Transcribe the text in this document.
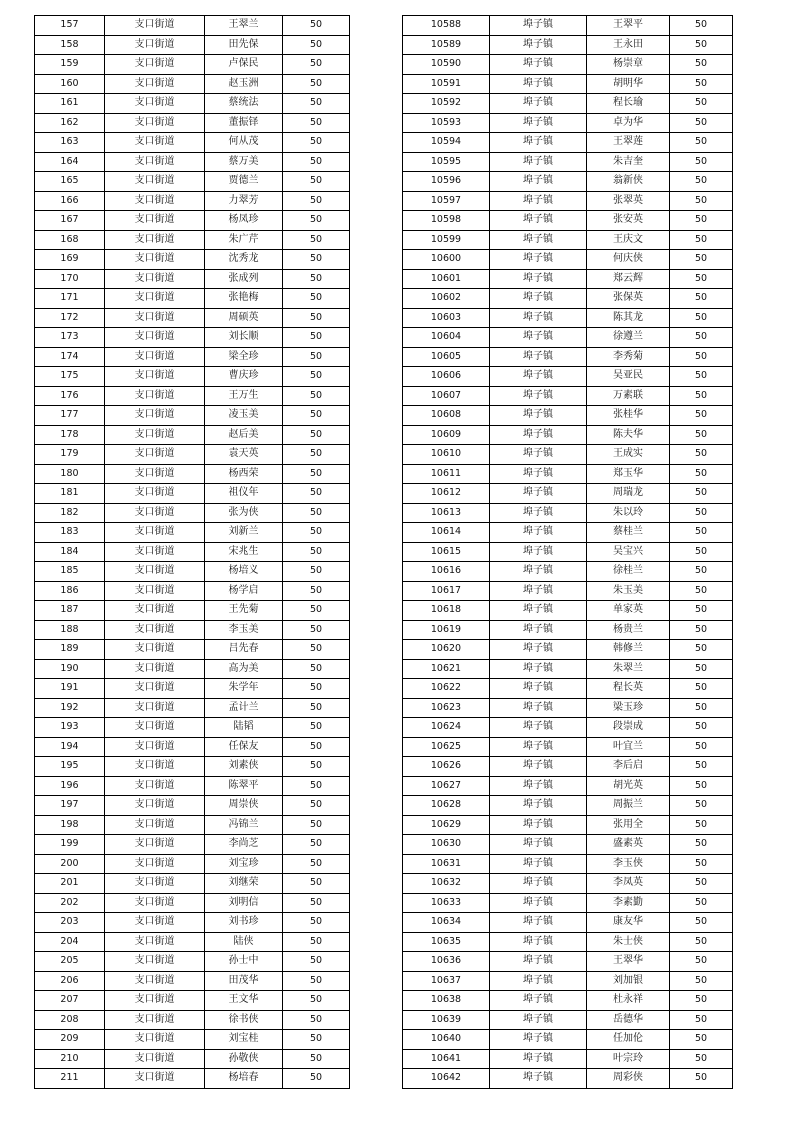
157	支口街道	王翠兰	50
158	支口街道	田先保	50
159	支口街道	卢保民	50
160	支口街道	赵玉洲	50
161	支口街道	蔡统法	50
162	支口街道	董振铎	50
163	支口街道	何从茂	50
164	支口街道	蔡万美	50
165	支口街道	贾德兰	50
166	支口街道	力翠芳	50
167	支口街道	杨凤珍	50
168	支口街道	朱广芹	50
169	支口街道	沈秀龙	50
170	支口街道	张成列	50
171	支口街道	张艳梅	50
172	支口街道	周硕英	50
173	支口街道	刘长顺	50
174	支口街道	梁全珍	50
175	支口街道	曹庆珍	50
176	支口街道	王万生	50
177	支口街道	凌玉美	50
178	支口街道	赵后美	50
179	支口街道	袁天英	50
180	支口街道	杨西荣	50
181	支口街道	祖仪年	50
182	支口街道	张为侠	50
183	支口街道	刘新兰	50
184	支口街道	宋兆生	50
185	支口街道	杨培义	50
186	支口街道	杨学启	50
187	支口街道	王先菊	50
188	支口街道	李玉美	50
189	支口街道	吕先春	50
190	支口街道	高为美	50
191	支口街道	朱学年	50
192	支口街道	孟计兰	50
193	支口街道	陆韬	50
194	支口街道	任保友	50
195	支口街道	刘素侠	50
196	支口街道	陈翠平	50
197	支口街道	周崇侠	50
198	支口街道	冯锦兰	50
199	支口街道	李尚芝	50
200	支口街道	刘宝珍	50
201	支口街道	刘继荣	50
202	支口街道	刘明信	50
203	支口街道	刘书珍	50
204	支口街道	陆侠	50
205	支口街道	孙士中	50
206	支口街道	田茂华	50
207	支口街道	王文华	50
208	支口街道	徐书侠	50
209	支口街道	刘宝桂	50
210	支口街道	孙敬侠	50
211	支口街道	杨培春	50
10588	埠子镇	王翠平	50
10589	埠子镇	王永田	50
10590	埠子镇	杨崇章	50
10591	埠子镇	胡明华	50
10592	埠子镇	程长瑜	50
10593	埠子镇	卓为华	50
10594	埠子镇	王翠莲	50
10595	埠子镇	朱吉奎	50
10596	埠子镇	翁新侠	50
10597	埠子镇	张翠英	50
10598	埠子镇	张安英	50
10599	埠子镇	王庆文	50
10600	埠子镇	何庆侠	50
10601	埠子镇	郑云辉	50
10602	埠子镇	张保英	50
10603	埠子镇	陈其龙	50
10604	埠子镇	徐遵兰	50
10605	埠子镇	李秀菊	50
10606	埠子镇	吴亚民	50
10607	埠子镇	万素联	50
10608	埠子镇	张桂华	50
10609	埠子镇	陈夫华	50
10610	埠子镇	王成实	50
10611	埠子镇	郑玉华	50
10612	埠子镇	周瑞龙	50
10613	埠子镇	朱以玲	50
10614	埠子镇	蔡桂兰	50
10615	埠子镇	吴宝兴	50
10616	埠子镇	徐桂兰	50
10617	埠子镇	朱玉美	50
10618	埠子镇	单家英	50
10619	埠子镇	杨贵兰	50
10620	埠子镇	韩修兰	50
10621	埠子镇	朱翠兰	50
10622	埠子镇	程长英	50
10623	埠子镇	梁玉珍	50
10624	埠子镇	段崇成	50
10625	埠子镇	叶宜兰	50
10626	埠子镇	李后启	50
10627	埠子镇	胡光英	50
10628	埠子镇	周振兰	50
10629	埠子镇	张用全	50
10630	埠子镇	盛素英	50
10631	埠子镇	李玉侠	50
10632	埠子镇	李凤英	50
10633	埠子镇	李素勤	50
10634	埠子镇	康友华	50
10635	埠子镇	朱士侠	50
10636	埠子镇	王翠华	50
10637	埠子镇	刘加银	50
10638	埠子镇	杜永祥	50
10639	埠子镇	岳德华	50
10640	埠子镇	任加伦	50
10641	埠子镇	叶宗玲	50
10642	埠子镇	周彩侠	50
